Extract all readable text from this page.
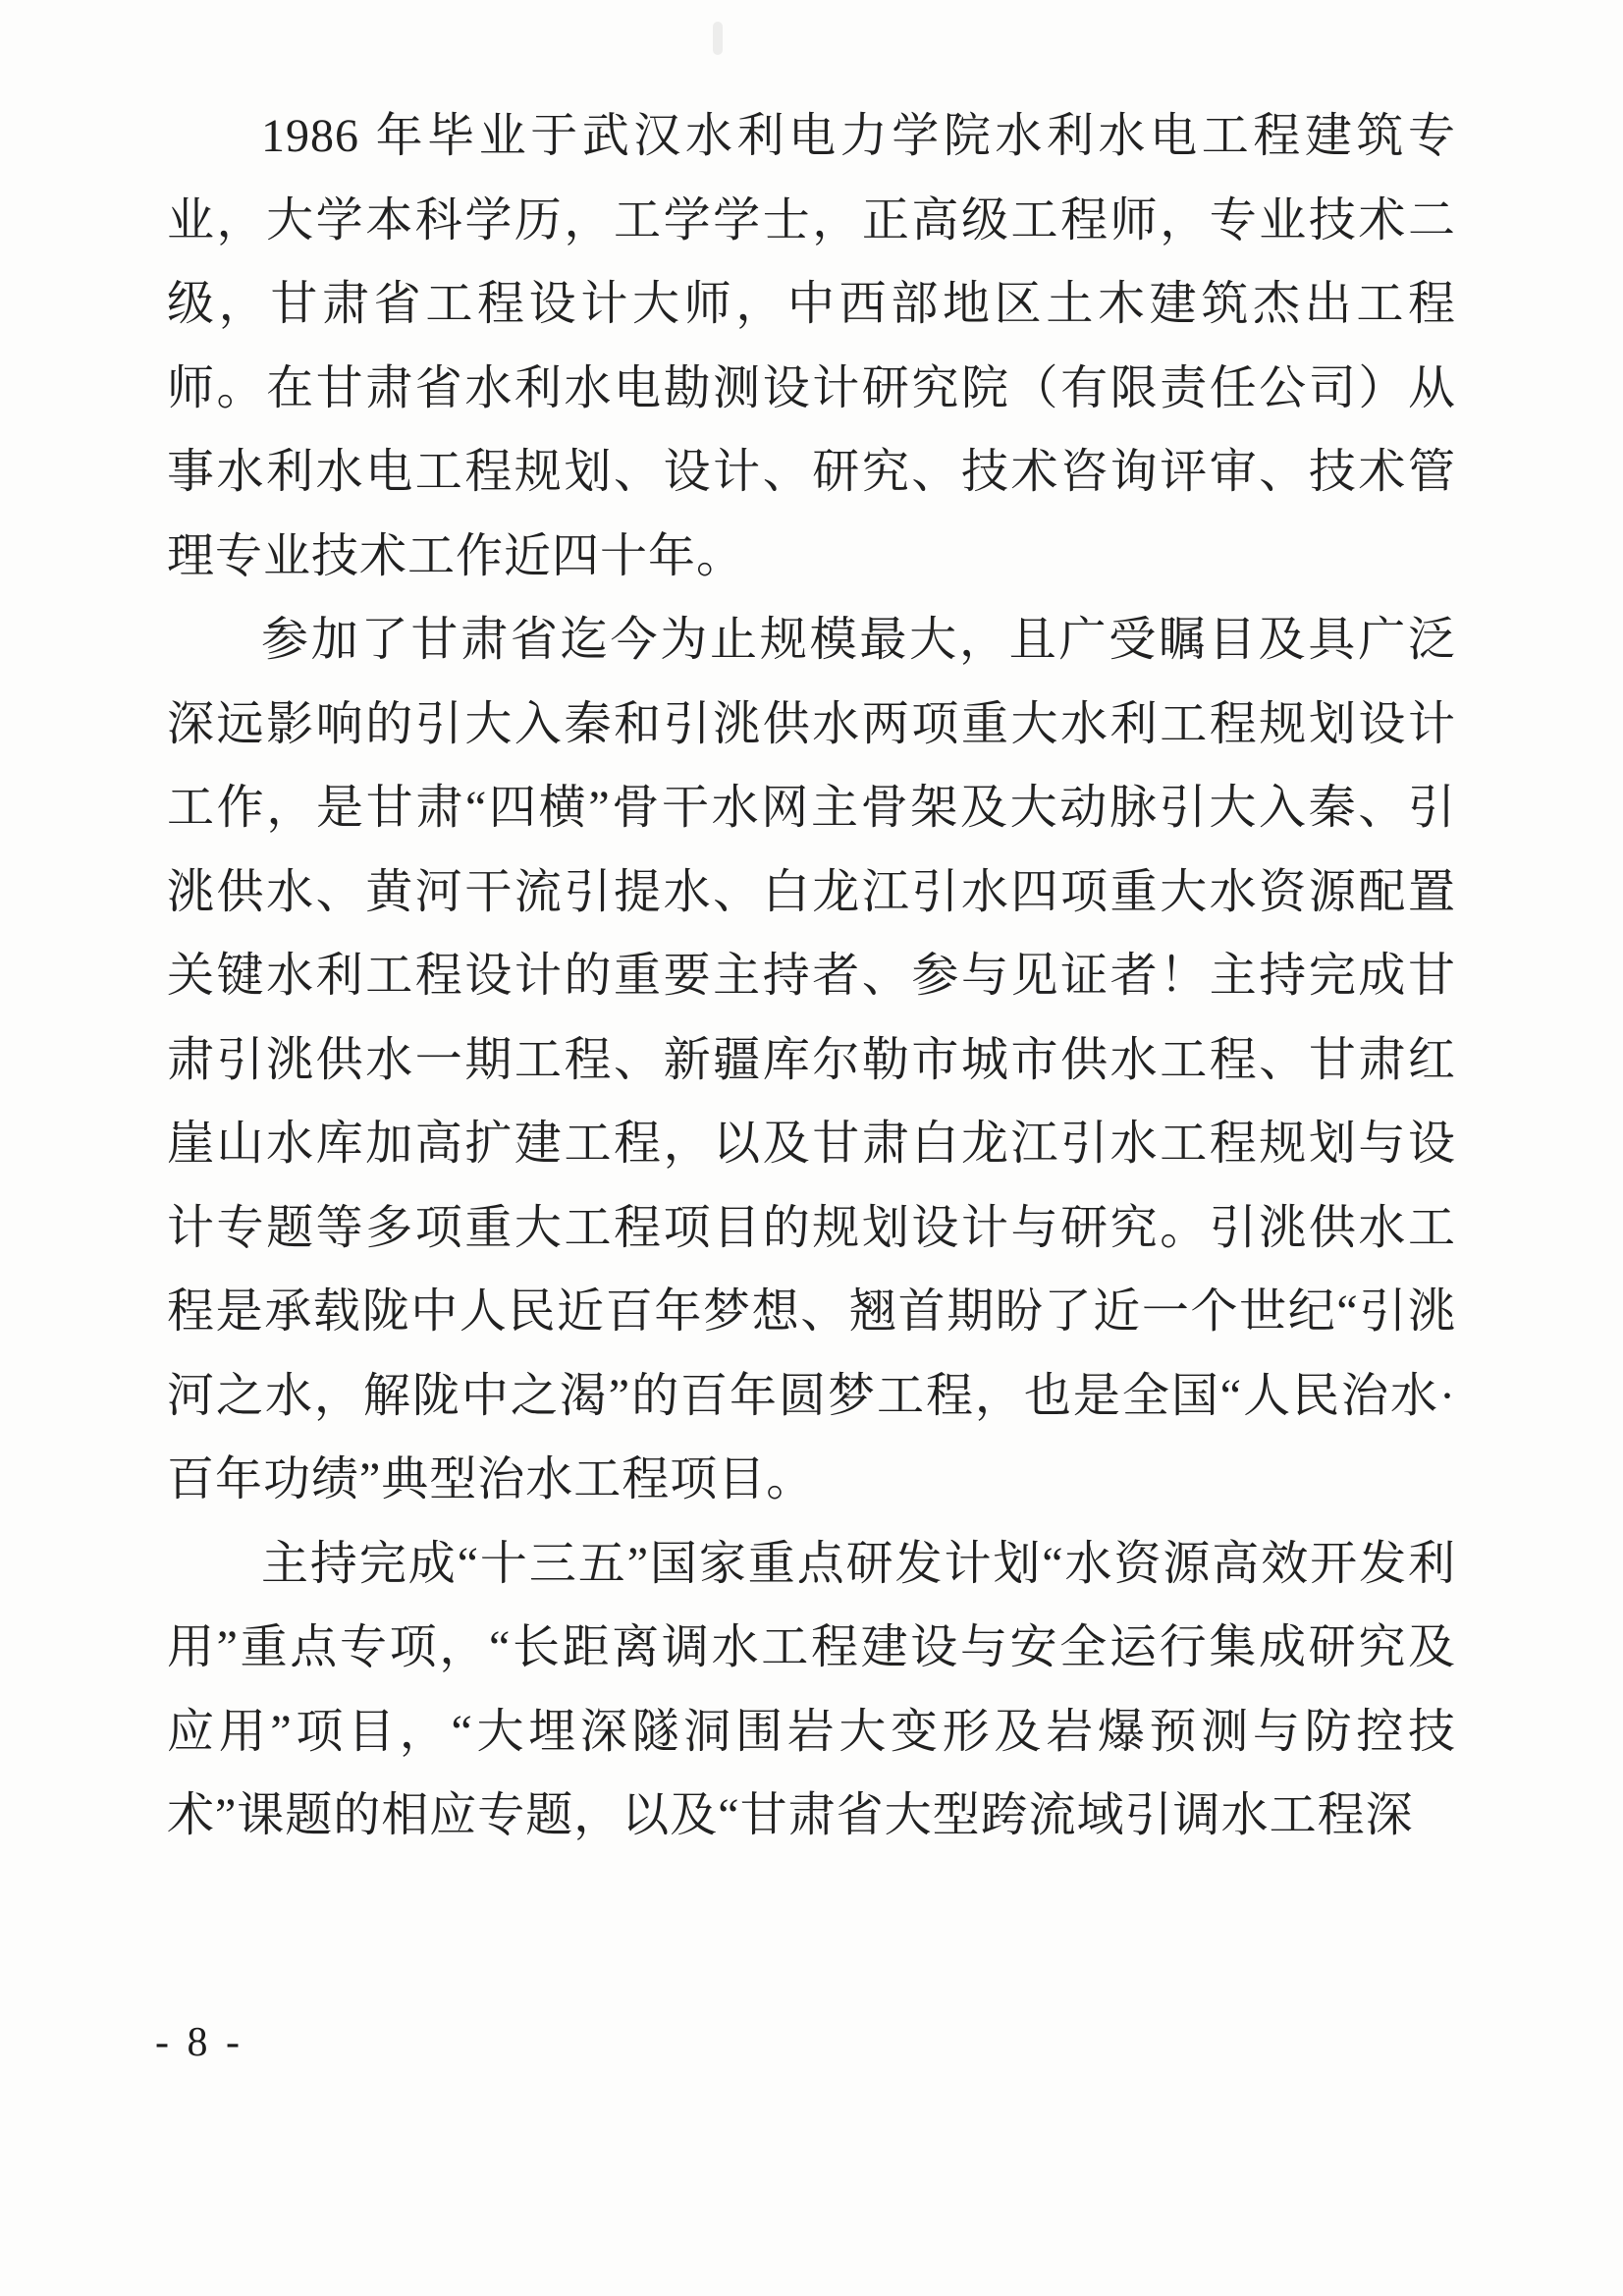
1986 年毕业于武汉水利电力学院水利水电工程建筑专业，大学本科学历，工学学士，正高级工程师，专业技术二级，甘肃省工程设计大师，中西部地区土木建筑杰出工程师。在甘肃省水利水电勘测设计研究院（有限责任公司）从事水利水电工程规划、设计、研究、技术咨询评审、技术管理专业技术工作近四十年。

参加了甘肃省迄今为止规模最大，且广受瞩目及具广泛深远影响的引大入秦和引洮供水两项重大水利工程规划设计工作，是甘肃“四横”骨干水网主骨架及大动脉引大入秦、引洮供水、黄河干流引提水、白龙江引水四项重大水资源配置关键水利工程设计的重要主持者、参与见证者！主持完成甘肃引洮供水一期工程、新疆库尔勒市城市供水工程、甘肃红崖山水库加高扩建工程，以及甘肃白龙江引水工程规划与设计专题等多项重大工程项目的规划设计与研究。引洮供水工程是承载陇中人民近百年梦想、翘首期盼了近一个世纪“引洮河之水，解陇中之渴”的百年圆梦工程，也是全国“人民治水·百年功绩”典型治水工程项目。

主持完成“十三五”国家重点研发计划“水资源高效开发利用”重点专项，“长距离调水工程建设与安全运行集成研究及应用”项目，“大埋深隧洞围岩大变形及岩爆预测与防控技术”课题的相应专题，以及“甘肃省大型跨流域引调水工程深

- 8 -
